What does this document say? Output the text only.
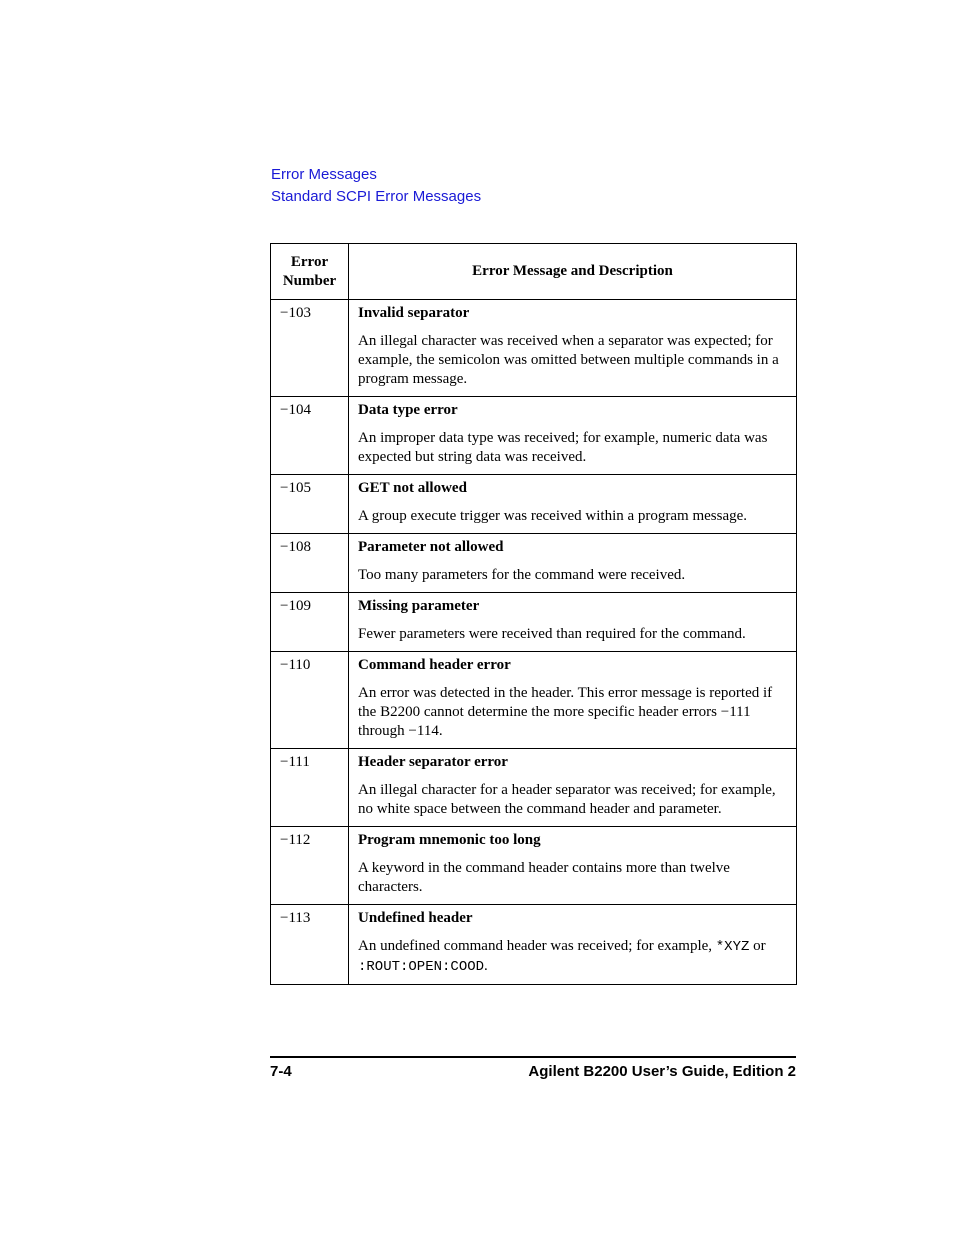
Error Messages
Standard SCPI Error Messages
Error Number	Error Message and Description
−103	Invalid separator
An illegal character was received when a separator was expected; for example, the semicolon was omitted between multiple commands in a program message.

−104	Data type error
An improper data type was received; for example, numeric data was expected but string data was received.

−105	GET not allowed
A group execute trigger was received within a program message.

−108	Parameter not allowed
Too many parameters for the command were received.

−109	Missing parameter
Fewer parameters were received than required for the command.

−110	Command header error
An error was detected in the header. This error message is reported if the B2200 cannot determine the more specific header errors −111 through −114.

−111	Header separator error
An illegal character for a header separator was received; for example, no white space between the command header and parameter.

−112	Program mnemonic too long
A keyword in the command header contains more than twelve characters.

−113	Undefined header
An undefined command header was received; for example, *XYZ or :ROUT:OPEN:COOD.
7-4	Agilent B2200 User’s Guide, Edition 2
